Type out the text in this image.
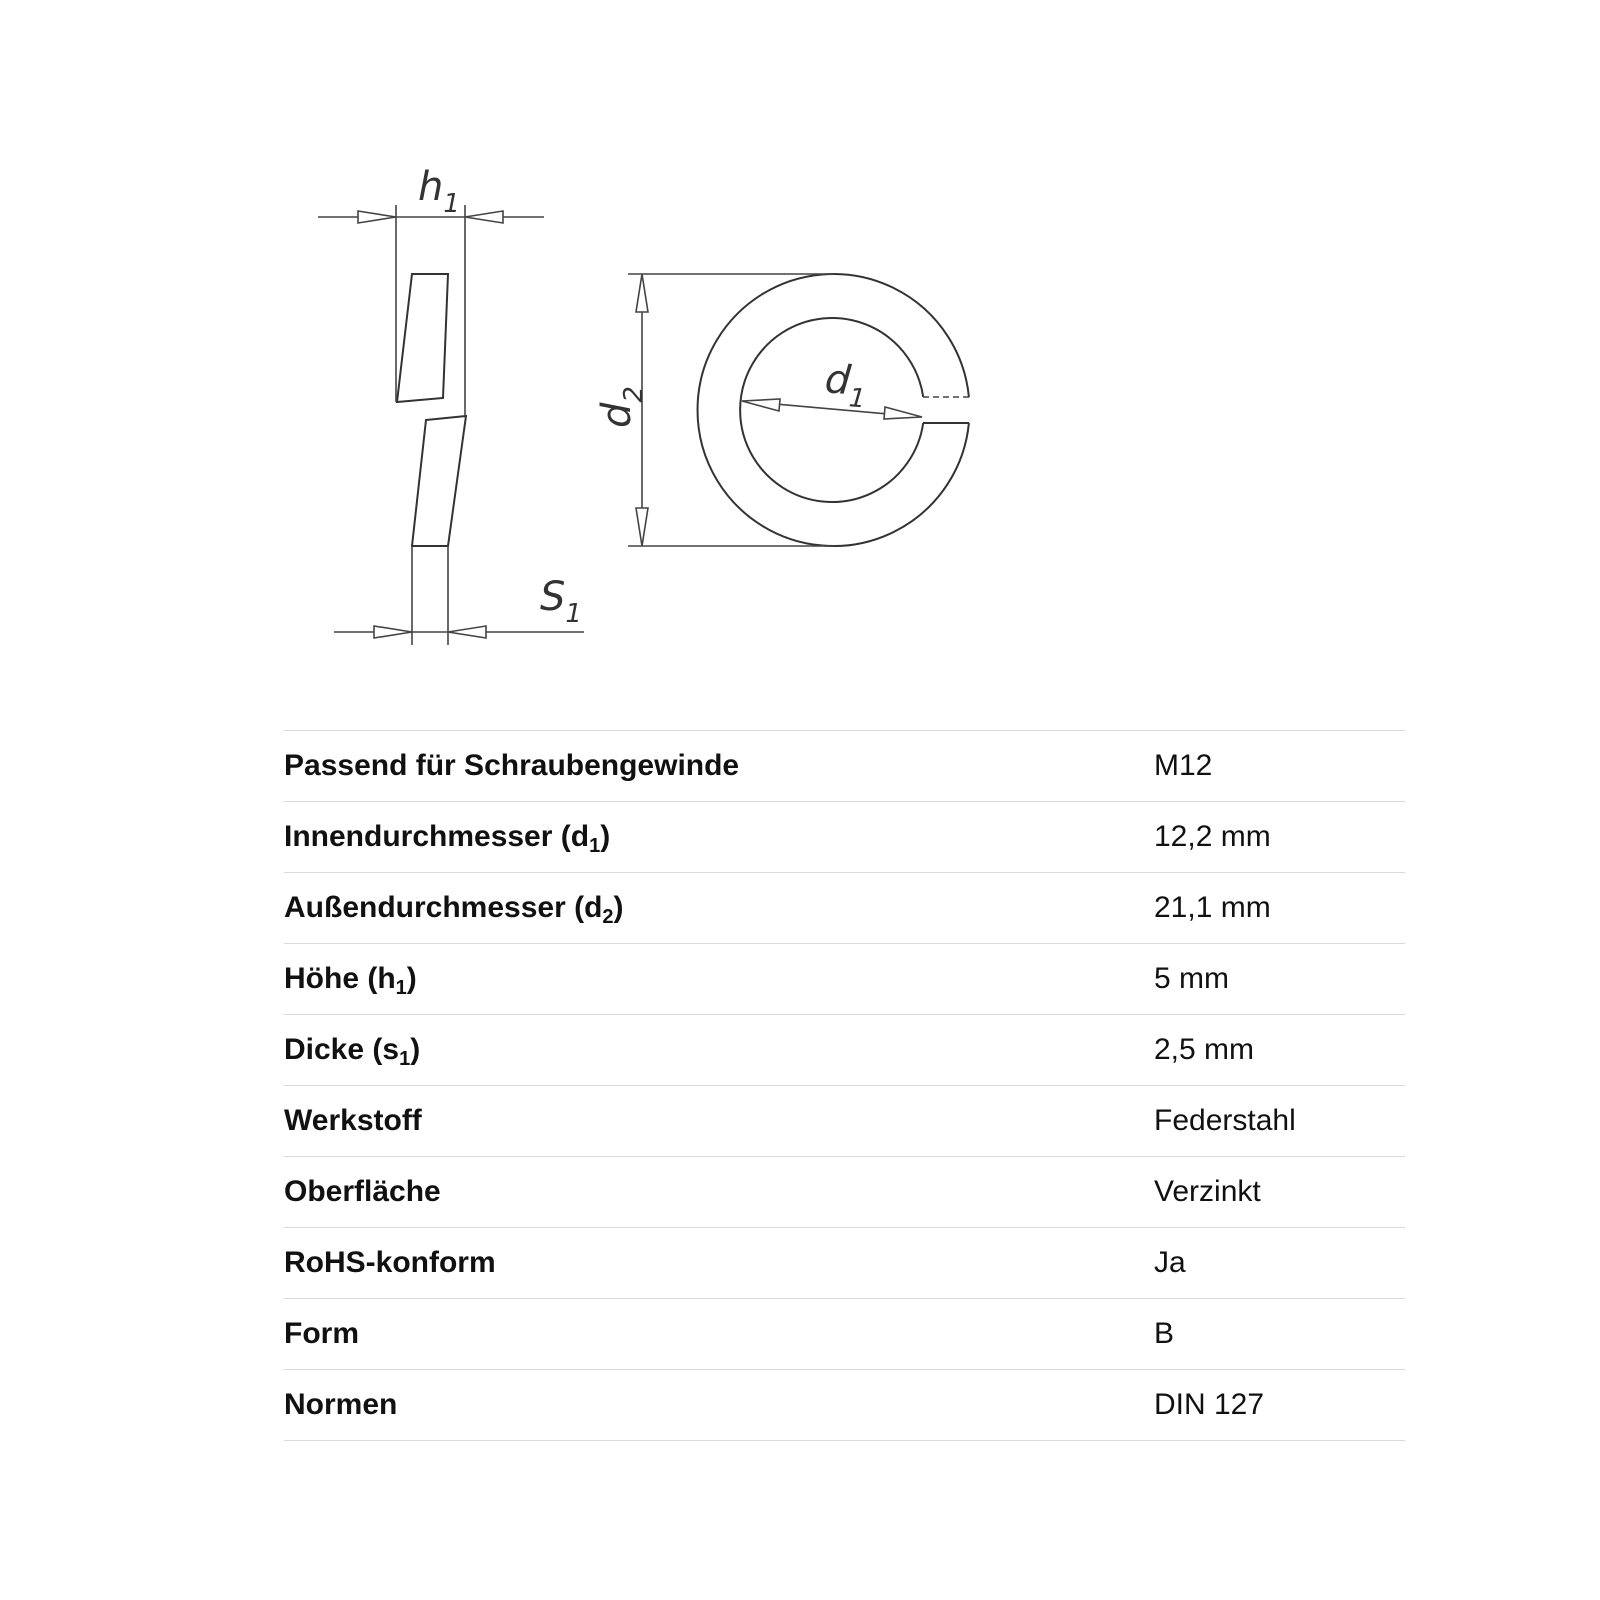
$h_1$
$S_1$
$d_2$	$d_1$
Passend für Schraubengewinde	M12
Innendurchmesser $(d_1)$	12,2 mm
Außendurchmesser $(d_2)$	21,1 mm
Höhe $(h_1)$	5 mm
Dicke $(s_1)$	2,5 mm
Werkstoff	Federstahl
Oberfläche	Verzinkt
RoHS-konform	Ja
Form	B
Normen	DIN 127
